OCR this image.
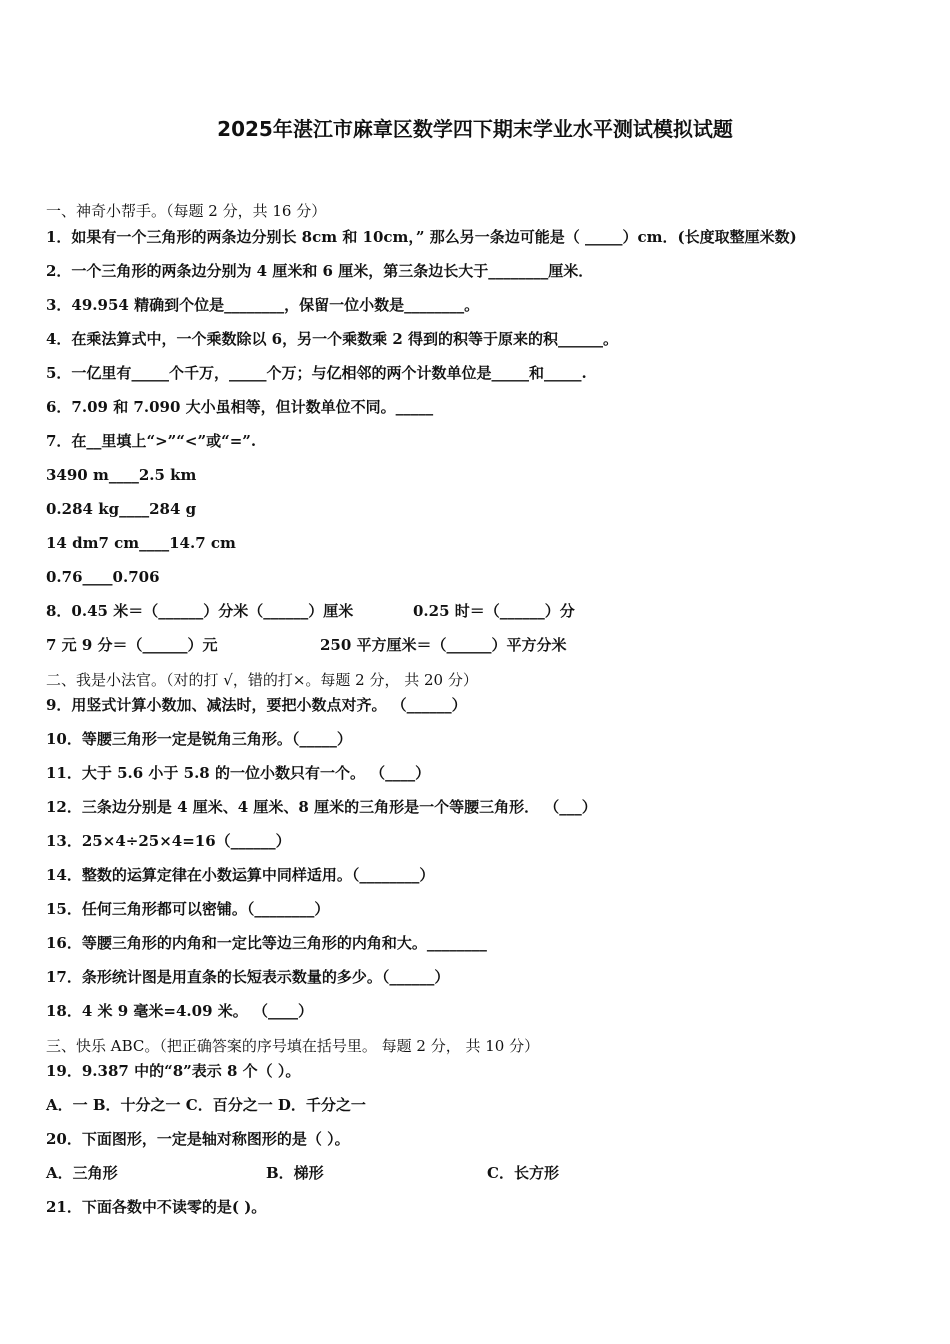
2025年湛江市麻章区数学四下期末学业水平测试模拟试题
一、神奇小帮手。（每题 2 分，共 16 分）
1．如果有一个三角形的两条边分别长 8cm 和 10cm，” 那么另一条边可能是（ _____）cm．(长度取整厘米数)
2．一个三角形的两条边分别为 4 厘米和 6 厘米，第三条边长大于________厘米．
3．49.954 精确到个位是________，保留一位小数是________。
4．在乘法算式中，一个乘数除以 6，另一个乘数乘 2 得到的积等于原来的积______。
5．一亿里有_____个千万，_____个万；与亿相邻的两个计数单位是_____和_____.
6．7.09 和 7.090 大小虽相等，但计数单位不同。_____
7．在__里填上“>”“<”或“=”.
3490 m____2.5 km
0.284 kg____284 g
14 dm7 cm____14.7 cm
0.76____0.706
8．0.45 米＝（______）分米（______）厘米	0.25 时＝（______）分
7 元 9 分＝（______）元	250 平方厘米＝（______）平方分米
二、我是小法官。（对的打 √，错的打×。每题 2 分， 共 20 分）
9．用竖式计算小数加、减法时，要把小数点对齐。 （______）
10．等腰三角形一定是锐角三角形。（_____）
11．大于 5.6 小于 5.8 的一位小数只有一个。 （____）
12．三条边分别是 4 厘米、4 厘米、8 厘米的三角形是一个等腰三角形． （___）
13．25×4÷25×4=16（______）
14．整数的运算定律在小数运算中同样适用。（________）
15．任何三角形都可以密铺。（________）
16．等腰三角形的内角和一定比等边三角形的内角和大。________
17．条形统计图是用直条的长短表示数量的多少。（______）
18．4 米 9 毫米=4.09 米。 （____）
三、快乐 ABC。（把正确答案的序号填在括号里。 每题 2 分， 共 10 分）
19．9.387 中的“8”表示 8 个（ ）。
A．一 B．十分之一 C．百分之一 D．千分之一
20．下面图形，一定是轴对称图形的是（ ）。
A．三角形	B．梯形	C．长方形
21．下面各数中不读零的是( )。
